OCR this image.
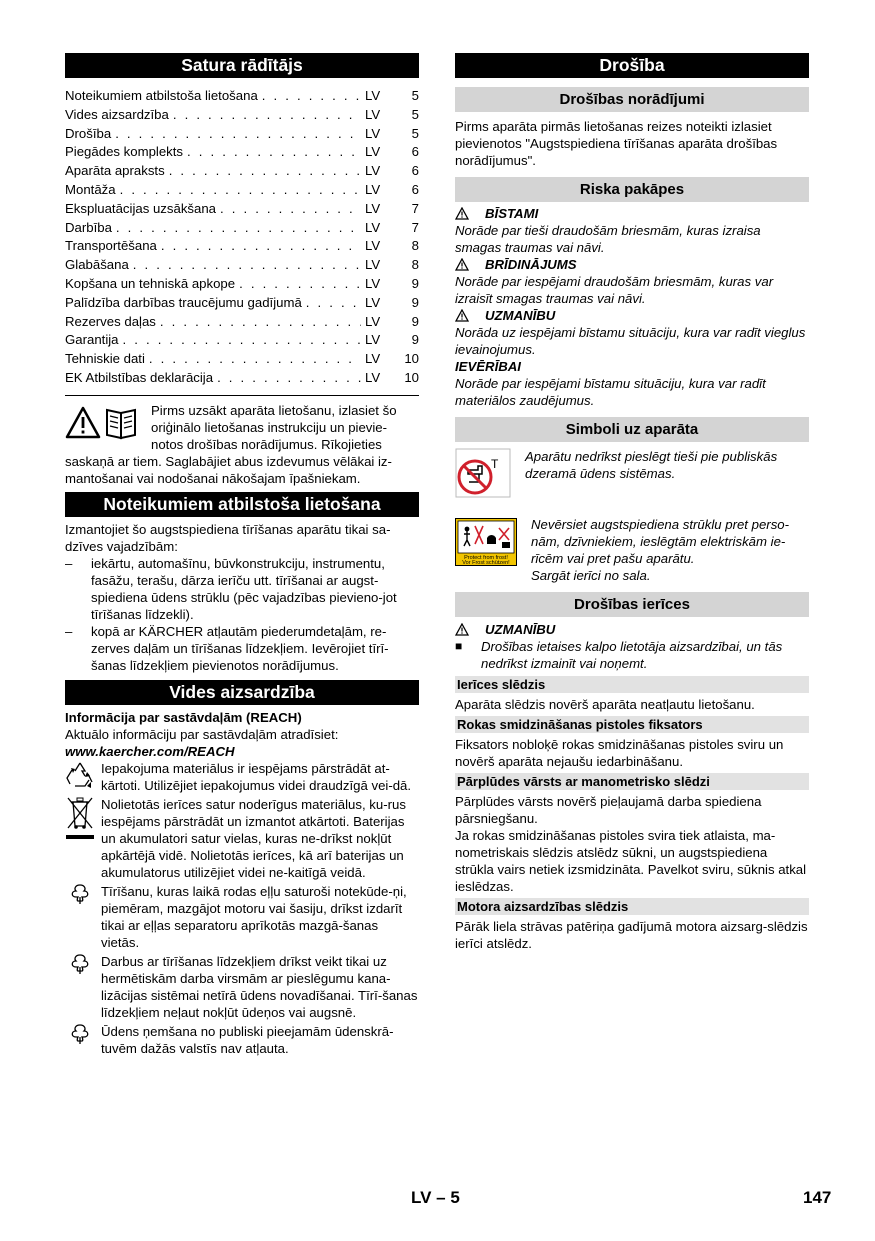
Satura rādītājs
Noteikumiem atbilstoša lietošana . . .	LV	5
Vides aizsardzība . . .	LV	5
Drošība . . .	LV	5
Piegādes komplekts . . .	LV	6
Aparāta apraksts . . .	LV	6
Montāža . . .	LV	6
Ekspluatācijas uzsākšana . . .	LV	7
Darbība . . .	LV	7
Transportēšana . . .	LV	8
Glabāšana . . .	LV	8
Kopšana un tehniskā apkope . . .	LV	9
Palīdzība darbības traucējumu gadījumā . . .	LV	9
Rezerves daļas . . .	LV	9
Garantija . . .	LV	9
Tehniskie dati . . .	LV	10
EK Atbilstības deklarācija . . .	LV	10

Pirms uzsākt aparāta lietošanu, izlasiet šo

oriģinālo lietošanas instrukciju un pievie-

notos drošības norādījumus. Rīkojieties

saskaņā ar tiem. Saglabājiet abus izdevumus vēlākai iz-

mantošanai vai nodošanai nākošajam īpašniekam.

Noteikumiem atbilstoša lietošana

Izmantojiet šo augstspiediena tīrīšanas aparātu tikai sa-dzīves vajadzībām:

–	iekārtu, automašīnu, būvkonstrukciju, instrumentu, fasāžu, terašu, dārza ierīču utt. tīrīšanai ar augst-spiediena ūdens strūklu (pēc vajadzības pievieno-jot tīrīšanas līdzekli).
–	kopā ar KÄRCHER atļautām piederumdetaļām, re-zerves daļām un tīrīšanas līdzekļiem. Ievērojiet tīrī-šanas līdzekļiem pievienotos norādījumus.
Vides aizsardzība

Informācija par sastāvdaļām (REACH)

Aktuālo informāciju par sastāvdaļām atradīsiet:

www.kaercher.com/REACH

Iepakojuma materiālus ir iespējams pārstrādāt at-kārtoti. Utilizējiet iepakojumus videi draudzīgā vei-dā.
Nolietotās ierīces satur noderīgus materiālus, ku-rus iespējams pārstrādāt un izmantot atkārtoti. Baterijas un akumulatori satur vielas, kuras ne-drīkst nokļūt apkārtējā vidē. Nolietotās ierīces, kā arī baterijas un akumulatorus utilizējiet videi ne-kaitīgā veidā.
Tīrīšanu, kuras laikā rodas eļļu saturoši notekūde-ņi, piemēram, mazgājot motoru vai šasiju, drīkst izdarīt tikai ar eļļas separatoru aprīkotās mazgā-šanas vietās.
Darbus ar tīrīšanas līdzekļiem drīkst veikt tikai uz hermētiskām darba virsmām ar pieslēgumu kana-lizācijas sistēmai netīrā ūdens novadīšanai. Tīrī-šanas līdzekļiem neļaut nokļūt ūdeņos vai augsnē.
Ūdens ņemšana no publiski pieejamām ūdenskrā-tuvēm dažās valstīs nav atļauta.
Drošība
Drošības norādījumi

Pirms aparāta pirmās lietošanas reizes noteikti izlasiet pievienotos "Augstspiediena tīrīšanas aparāta drošības norādījumus".

Riska pakāpes
BĪSTAMI

Norāde par tieši draudošām briesmām, kuras izraisa smagas traumas vai nāvi.

BRĪDINĀJUMS

Norāde par iespējami draudošām briesmām, kuras var izraisīt smagas traumas vai nāvi.

UZMANĪBU

Norāda uz iespējami bīstamu situāciju, kura var radīt vieglus ievainojumus.

IEVĒRĪBAI

Norāde par iespējami bīstamu situāciju, kura var radīt materiālos zaudējumus.

Simboli uz aparāta
T Aparātu nedrīkst pieslēgt tieši pie publiskās dzeramā ūdens sistēmas.
Protect from frost!
Vor Frost schützen!

Nevērsiet augstspiediena strūklu pret perso-nām, dzīvniekiem, ieslēgtām elektriskām ie-rīcēm vai pret pašu aparātu.

Sargāt ierīci no sala.

Drošības ierīces
UZMANĪBU
■	Drošības ietaises kalpo lietotāja aizsardzībai, un tās nedrīkst izmainīt vai noņemt.
Ierīces slēdzis

Aparāta slēdzis novērš aparāta neatļautu lietošanu.

Rokas smidzināšanas pistoles fiksators

Fiksators nobloķē rokas smidzināšanas pistoles sviru un novērš aparāta nejaušu iedarbināšanu.

Pārplūdes vārsts ar manometrisko slēdzi

Pārplūdes vārsts novērš pieļaujamā darba spiediena pārsniegšanu.

Ja rokas smidzināšanas pistoles svira tiek atlaista, ma-nometriskais slēdzis atslēdz sūkni, un augstspiediena strūkla vairs netiek izsmidzināta. Pavelkot sviru, sūknis atkal ieslēdzas.

Motora aizsardzības slēdzis

Pārāk liela strāvas patēriņa gadījumā motora aizsarg-slēdzis ierīci atslēdz.

LV – 5	147
